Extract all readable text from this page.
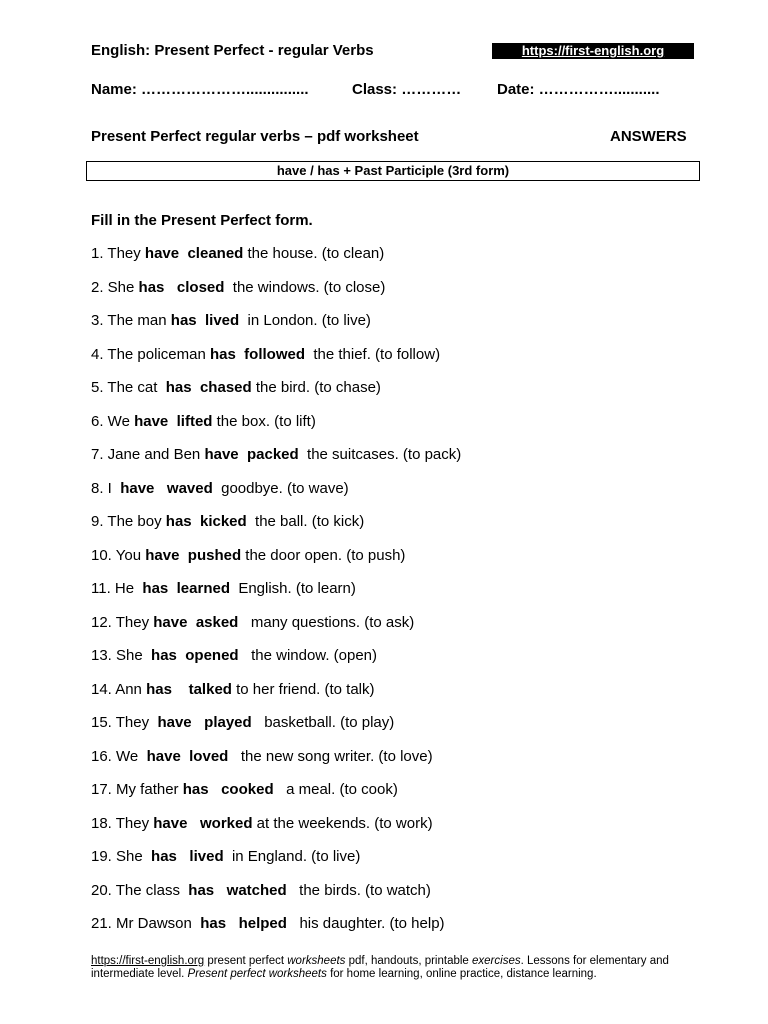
English: Present Perfect - regular Verbs	https://first-english.org
Name: …………………...............	Class: ………… Date: ……………...........
Present Perfect regular verbs – pdf worksheet	ANSWERS
have / has + Past Participle (3rd form)
Fill in the Present Perfect form.
1. They have cleaned the house. (to clean)
2. She has closed  the windows. (to close)
3. The man has lived  in London. (to live)
4. The policeman has followed  the thief. (to follow)
5. The cat  has chased the bird. (to chase)
6. We have lifted the box. (to lift)
7. Jane and Ben have packed  the suitcases. (to pack)
8. I  have waved  goodbye. (to wave)
9. The boy has kicked  the ball. (to kick)
10. You have pushed the door open. (to push)
11. He  has learned  English. (to learn)
12. They have asked   many questions. (to ask)
13. She  has opened   the window. (open)
14. Ann has talked to her friend. (to talk)
15. They  have played   basketball. (to play)
16. We  have loved   the new song writer. (to love)
17. My father has cooked   a meal. (to cook)
18. They have worked at the weekends. (to work)
19. She  has lived  in England. (to live)
20. The class  has watched   the birds. (to watch)
21. Mr Dawson  has helped   his daughter. (to help)
https://first-english.org present perfect worksheets pdf, handouts, printable exercises. Lessons for elementary and intermediate level. Present perfect worksheets for home learning, online practice, distance learning.
